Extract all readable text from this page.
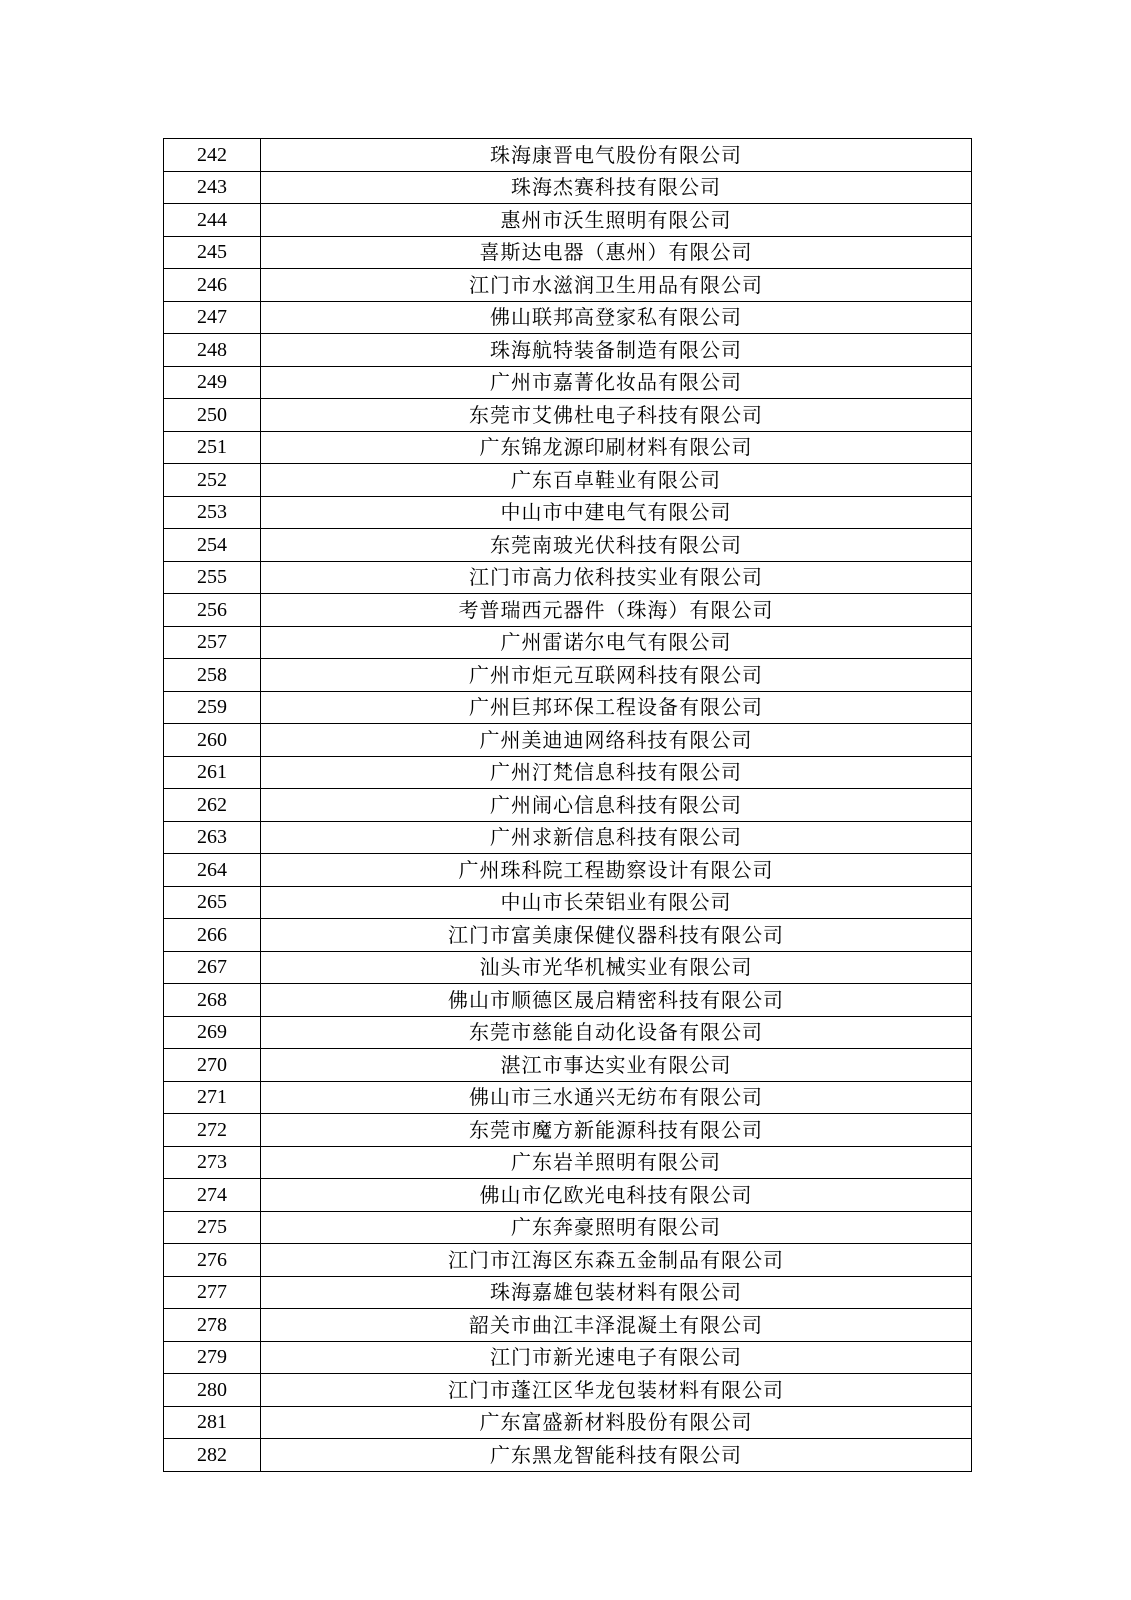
242	珠海康晋电气股份有限公司
243	珠海杰赛科技有限公司
244	惠州市沃生照明有限公司
245	喜斯达电器（惠州）有限公司
246	江门市水滋润卫生用品有限公司
247	佛山联邦高登家私有限公司
248	珠海航特装备制造有限公司
249	广州市嘉菁化妆品有限公司
250	东莞市艾佛杜电子科技有限公司
251	广东锦龙源印刷材料有限公司
252	广东百卓鞋业有限公司
253	中山市中建电气有限公司
254	东莞南玻光伏科技有限公司
255	江门市高力依科技实业有限公司
256	考普瑞西元器件（珠海）有限公司
257	广州雷诺尔电气有限公司
258	广州市炬元互联网科技有限公司
259	广州巨邦环保工程设备有限公司
260	广州美迪迪网络科技有限公司
261	广州汀梵信息科技有限公司
262	广州闹心信息科技有限公司
263	广州求新信息科技有限公司
264	广州珠科院工程勘察设计有限公司
265	中山市长荣铝业有限公司
266	江门市富美康保健仪器科技有限公司
267	汕头市光华机械实业有限公司
268	佛山市顺德区晟启精密科技有限公司
269	东莞市慈能自动化设备有限公司
270	湛江市事达实业有限公司
271	佛山市三水通兴无纺布有限公司
272	东莞市魔方新能源科技有限公司
273	广东岩羊照明有限公司
274	佛山市亿欧光电科技有限公司
275	广东奔豪照明有限公司
276	江门市江海区东森五金制品有限公司
277	珠海嘉雄包装材料有限公司
278	韶关市曲江丰泽混凝土有限公司
279	江门市新光速电子有限公司
280	江门市蓬江区华龙包装材料有限公司
281	广东富盛新材料股份有限公司
282	广东黑龙智能科技有限公司
